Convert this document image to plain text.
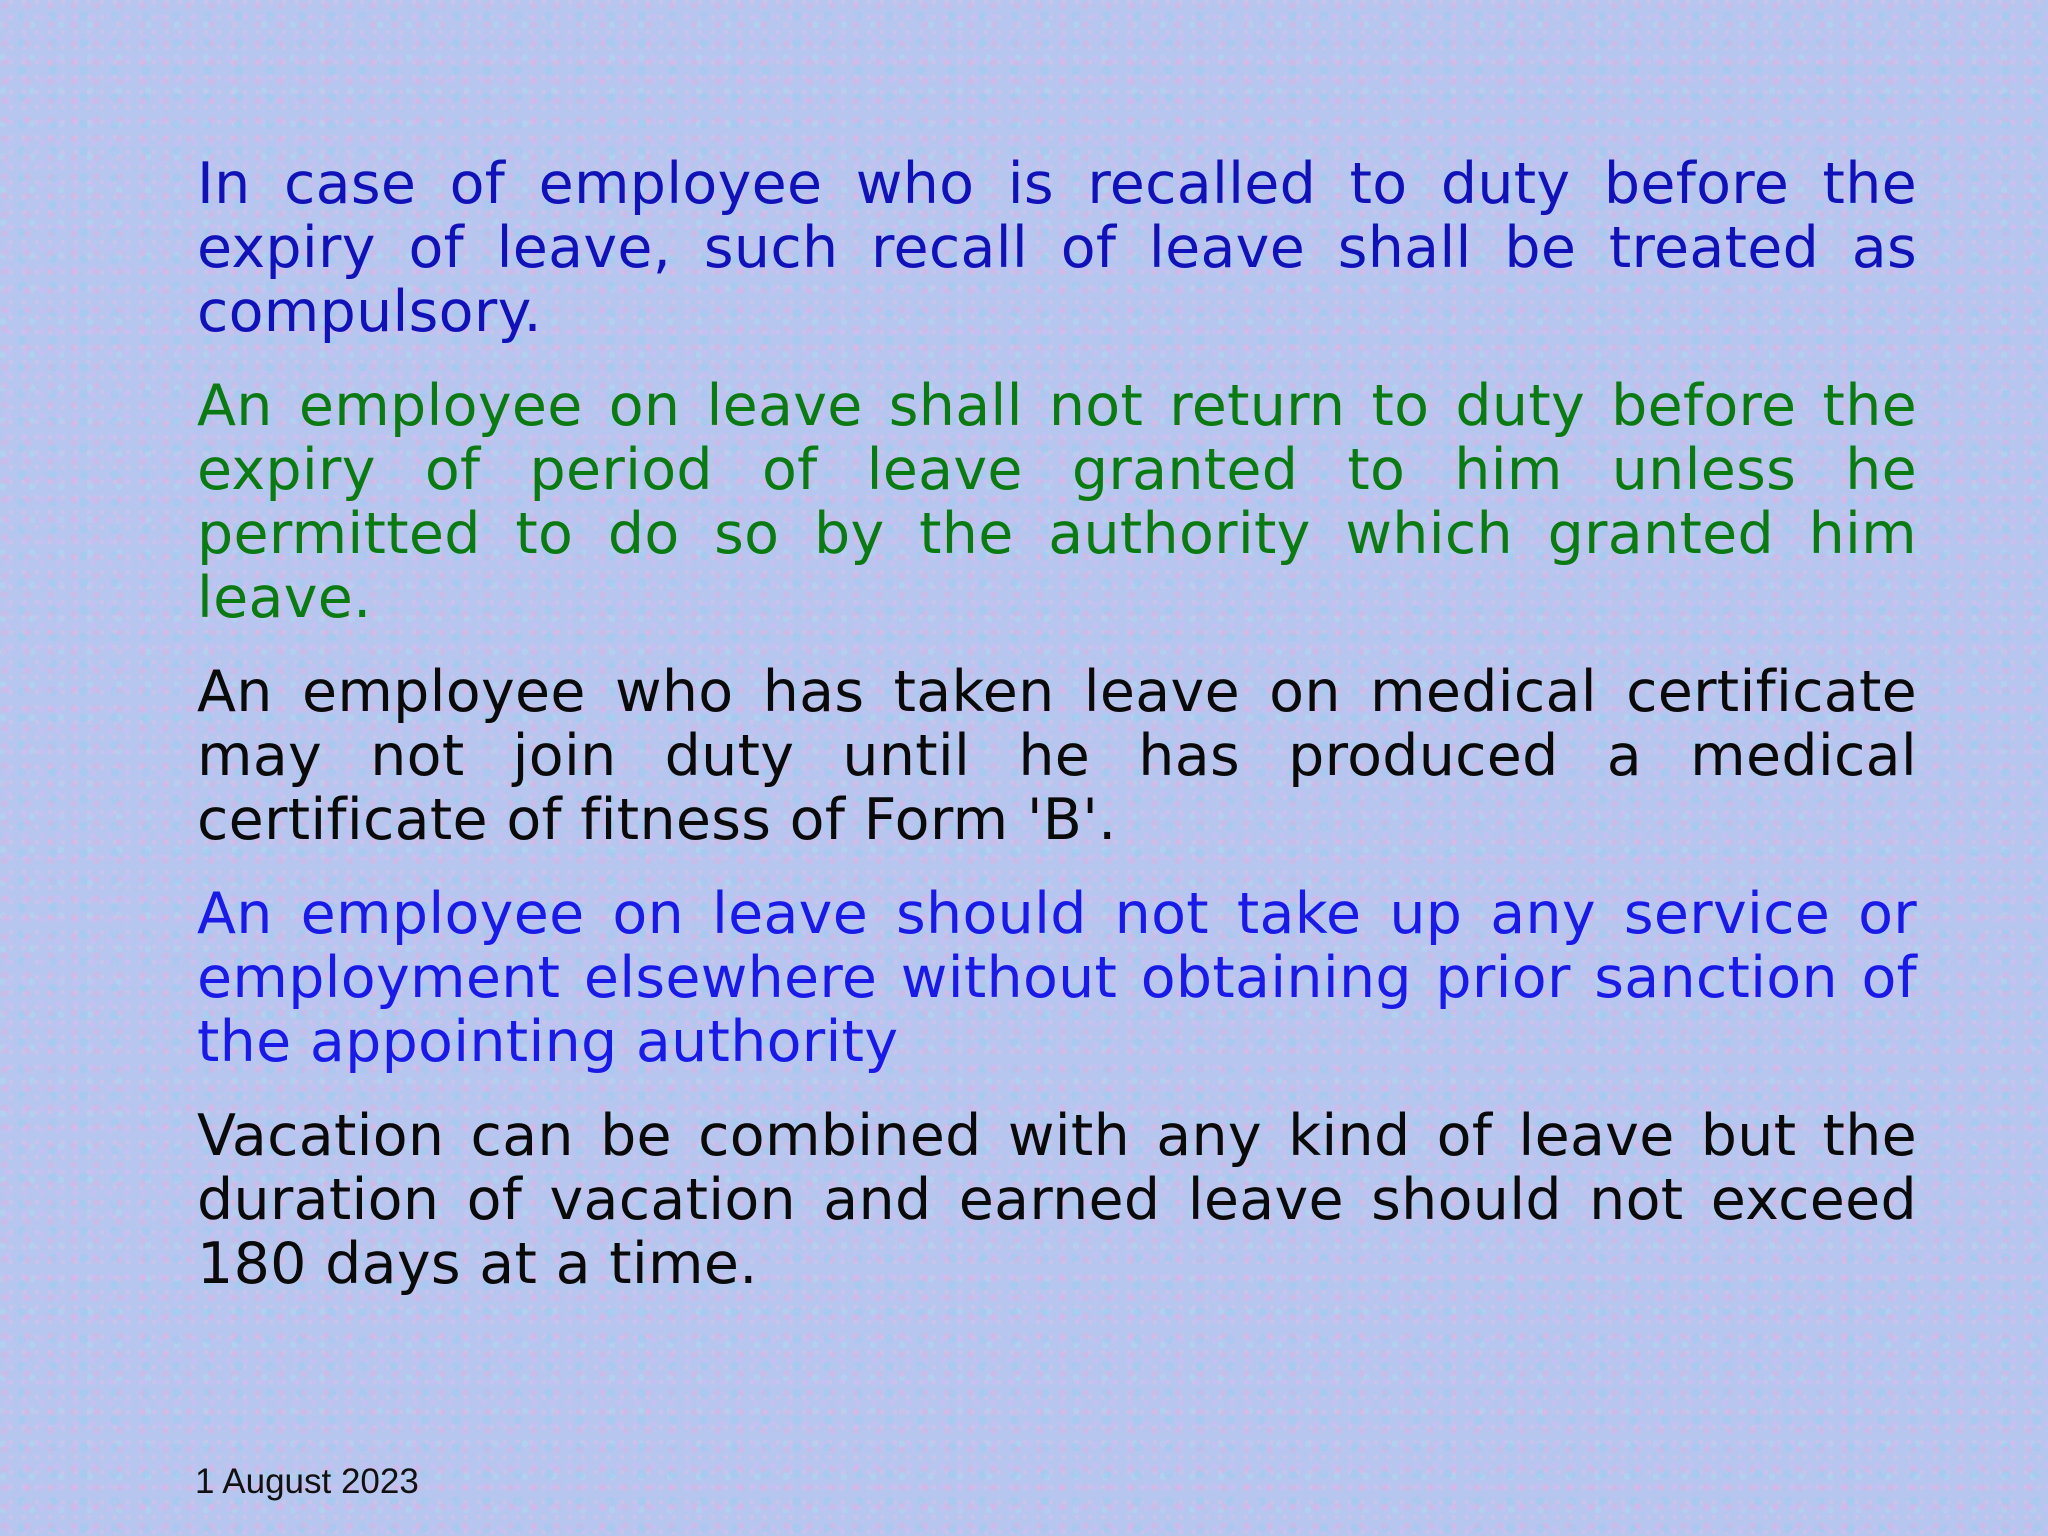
In case of employee who is recalled to duty before the expiry of leave, such recall of leave shall be treated as compulsory.

An employee on leave shall not return to duty before the expiry of period of leave granted to him unless he permitted to do so by the authority which granted him leave.

An employee who has taken leave on medical certificate may not join duty until he has produced a medical certificate of fitness of Form 'B'.

An employee on leave should not take up any service or employment elsewhere without obtaining prior sanction of the appointing authority

Vacation can be combined with any kind of leave but the duration of vacation and earned leave should not exceed 180 days at a time.

1 August 2023
